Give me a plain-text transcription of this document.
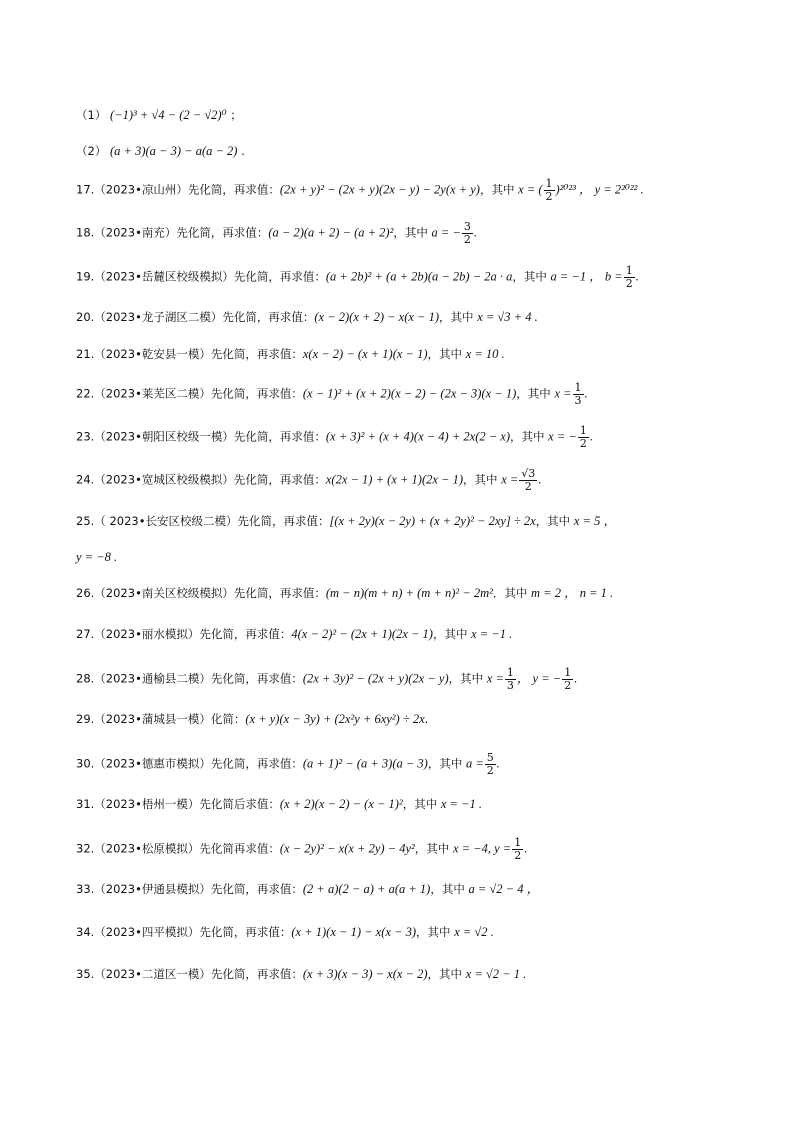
（1） (−1)³ + √4 − (2 − √2)⁰ ；
（2） (a + 3)(a − 3) − a(a − 2) .
17.（2023•凉山州）先化简，再求值：(2x + y)² − (2x + y)(2x − y) − 2y(x + y)，其中 x = ( $\frac{1}{2} )^{2023}$ ， y = 2²⁰²² .
18.（2023•南充）先化简，再求值：(a − 2)(a + 2) − (a + 2)²，其中 a = − $\frac{3}{2}$ .
19.（2023•岳麓区校级模拟）先化简，再求值：(a + 2b)² + (a + 2b)(a − 2b) − 2a · a，其中 a = −1 ， $b = \frac{1}{2}$ .
20.（2023•龙子湖区二模）先化简，再求值：(x − 2)(x + 2) − x(x − 1)，其中 x = √3 + 4 .
21.（2023•乾安县一模）先化简，再求值：x(x − 2) − (x + 1)(x − 1)，其中 x = 10 .
22.（2023•莱芜区二模）先化简，再求值：(x − 1)² + (x + 2)(x − 2) − (2x − 3)(x − 1)，其中 $x = \frac{1}{3}$ .
23.（2023•朝阳区校级一模）先化简，再求值：(x + 3)² + (x + 4)(x − 4) + 2x(2 − x)，其中 x = − $\frac{1}{2}$ .
24.（2023•宽城区校级模拟）先化简，再求值：x(2x − 1) + (x + 1)(2x − 1)，其中 $x = \frac{√3}{2}$ .
25.（ 2023•长安区校级二模）先化简，再求值：[(x + 2y)(x − 2y) + (x + 2y)² − 2xy] ÷ 2x，其中 x = 5 ，
y = −8 .
26.（2023•南关区校级模拟）先化简，再求值：(m − n)(m + n) + (m + n)² − 2m²．其中 m = 2 ， n = 1 .
27.（2023•丽水模拟）先化简，再求值：4(x − 2)² − (2x + 1)(2x − 1)，其中 x = −1 .
28.（2023•通榆县二模）先化简，再求值：(2x + 3y)² − (2x + y)(2x − y)，其中 $x = \frac{1}{3}$ ， y = − $\frac{1}{2}$ .
29.（2023•蒲城县一模）化简：(x + y)(x − 3y) + (2x²y + 6xy²) ÷ 2x.
30.（2023•德惠市模拟）先化简，再求值：(a + 1)² − (a + 3)(a − 3)，其中 $a = \frac{5}{2}$ .
31.（2023•梧州一模）先化简后求值：(x + 2)(x − 2) − (x − 1)²，其中 x = −1 .
32.（2023•松原模拟）先化简再求值：(x − 2y)² − x(x + 2y) − 4y²，其中 x = −4, $y = \frac{1}{2}$ .
33.（2023•伊通县模拟）先化简，再求值：(2 + a)(2 − a) + a(a + 1)，其中 a = √2 − 4 ，
34.（2023•四平模拟）先化简，再求值：(x + 1)(x − 1) − x(x − 3)，其中 x = √2 .
35.（2023•二道区一模）先化简，再求值：(x + 3)(x − 3) − x(x − 2)，其中 x = √2 − 1 .
